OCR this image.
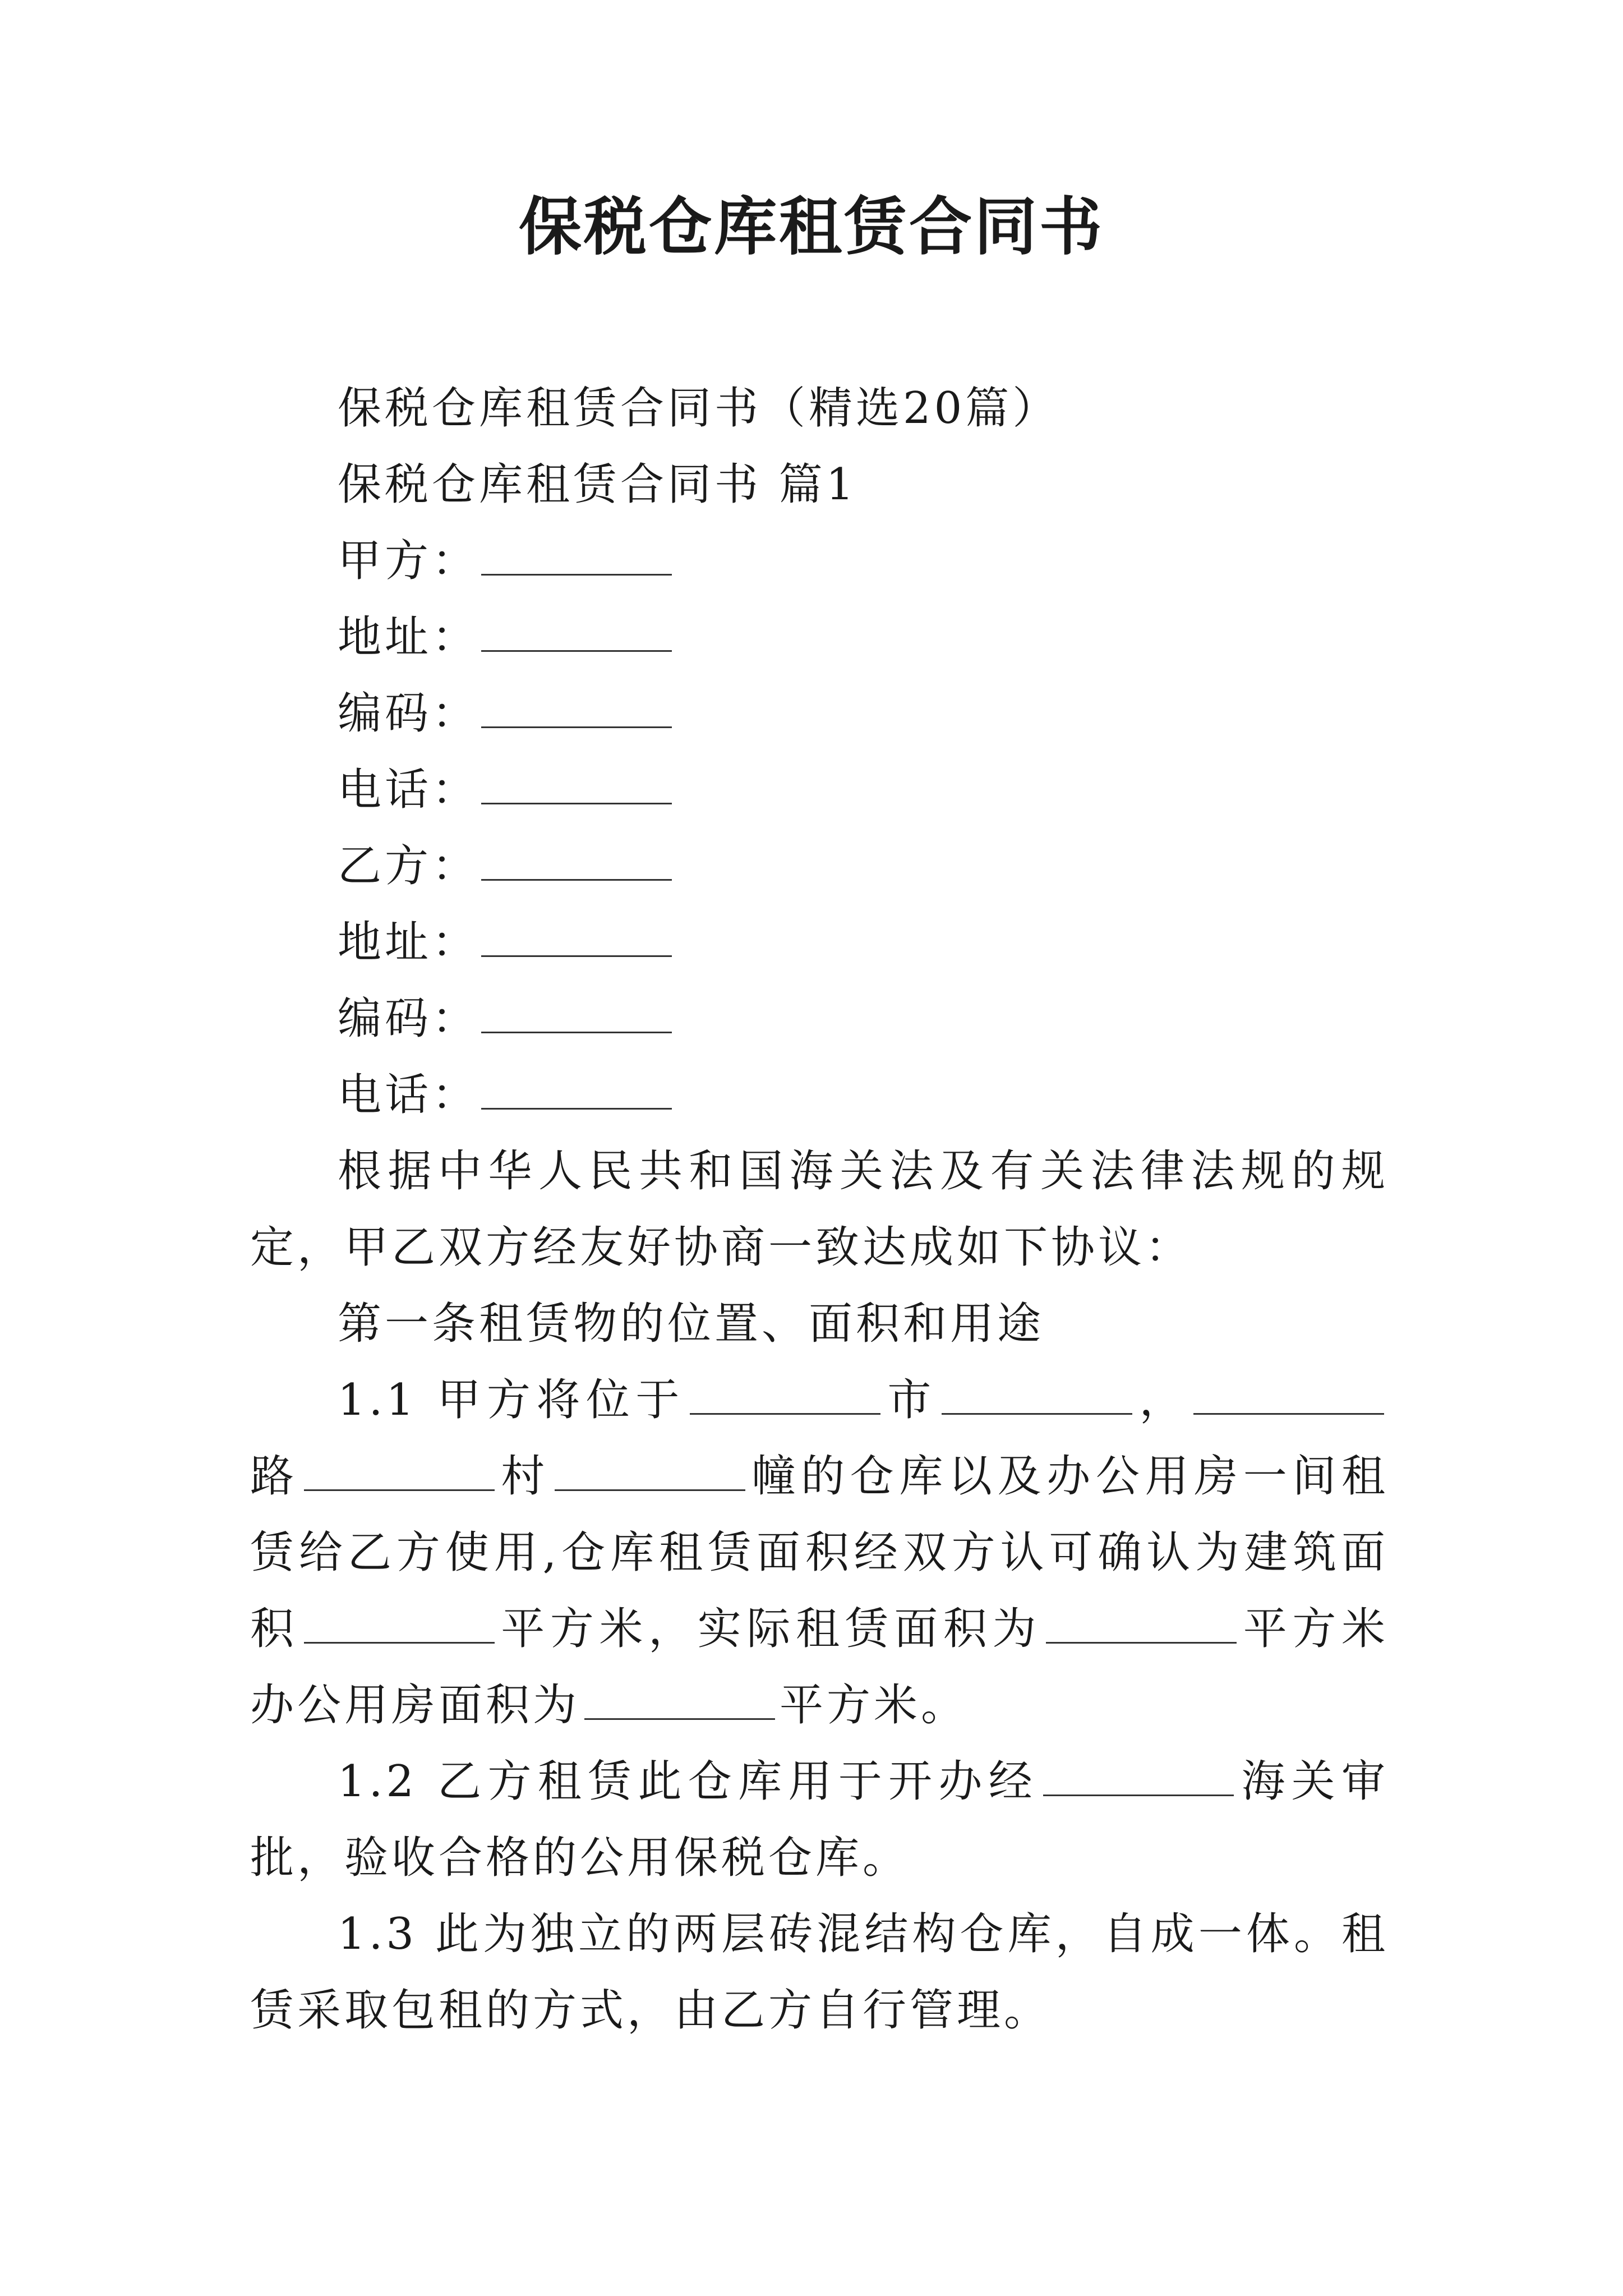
保税仓库租赁合同书

保税仓库租赁合同书（精选20篇）

保税仓库租赁合同书 篇1

甲方：

地址：

编码：

电话：

乙方：

地址：

编码：

电话：

根据中华人民共和国海关法及有关法律法规的规定，甲乙双方经友好协商一致达成如下协议：

第一条租赁物的位置、面积和用途

1.1 甲方将位于	市	，路	村	幢的仓库以及办公用房一间租赁给乙方使用,仓库租赁面积经双方认可确认为建筑面积	平方米，实际租赁面积为	平方米办公用房面积为	平方米。

1.2 乙方租赁此仓库用于开办经	海关审批，验收合格的公用保税仓库。

1.3 此为独立的两层砖混结构仓库，自成一体。租赁采取包租的方式，由乙方自行管理。
